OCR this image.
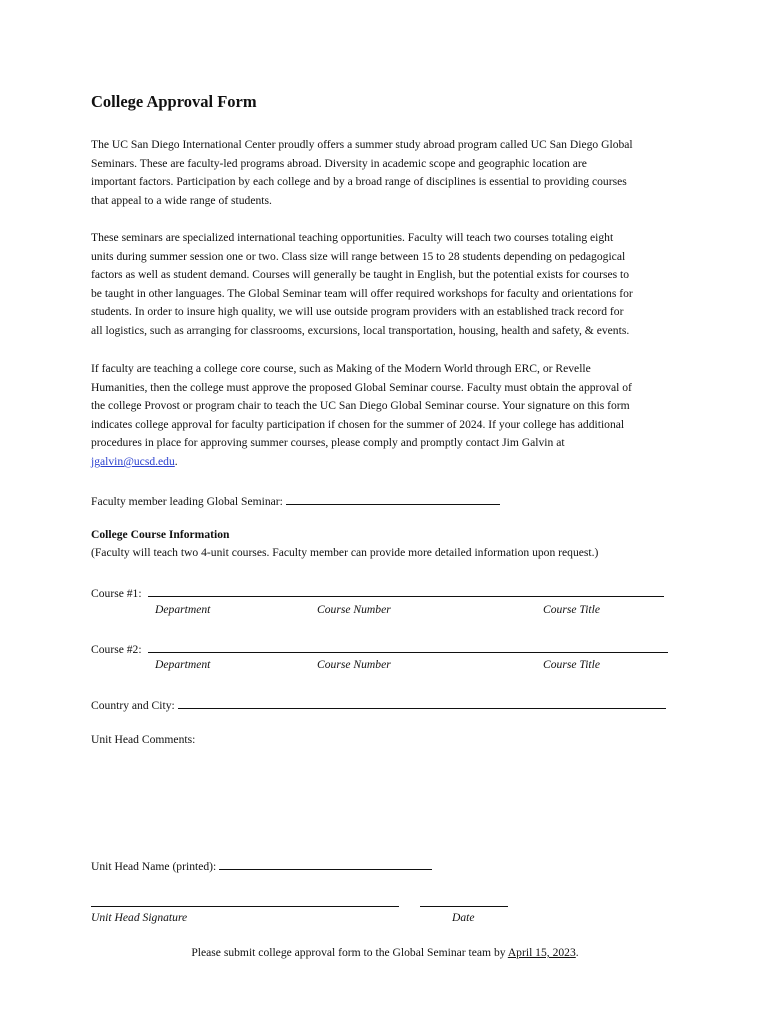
College Approval Form

The UC San Diego International Center proudly offers a summer study abroad program called UC San Diego Global
Seminars. These are faculty-led programs abroad. Diversity in academic scope and geographic location are
important factors. Participation by each college and by a broad range of disciplines is essential to providing courses
that appeal to a wide range of students.

These seminars are specialized international teaching opportunities. Faculty will teach two courses totaling eight
units during summer session one or two. Class size will range between 15 to 28 students depending on pedagogical
factors as well as student demand. Courses will generally be taught in English, but the potential exists for courses to
be taught in other languages. The Global Seminar team will offer required workshops for faculty and orientations for
students. In order to insure high quality, we will use outside program providers with an established track record for
all logistics, such as arranging for classrooms, excursions, local transportation, housing, health and safety, & events.

If faculty are teaching a college core course, such as Making of the Modern World through ERC, or Revelle
Humanities, then the college must approve the proposed Global Seminar course. Faculty must obtain the approval of
the college Provost or program chair to teach the UC San Diego Global Seminar course. Your signature on this form
indicates college approval for faculty participation if chosen for the summer of 2024. If your college has additional
procedures in place for approving summer courses, please comply and promptly contact Jim Galvin at
jgalvin@ucsd.edu.

Faculty member leading Global Seminar:
College Course Information
(Faculty will teach two 4-unit courses. Faculty member can provide more detailed information upon request.)
Course #1:
Department	Course Number	Course Title
Course #2:
Department	Course Number	Course Title
Country and City:
Unit Head Comments:
Unit Head Name (printed):
Unit Head Signature	Date
Please submit college approval form to the Global Seminar team by April 15, 2023.
